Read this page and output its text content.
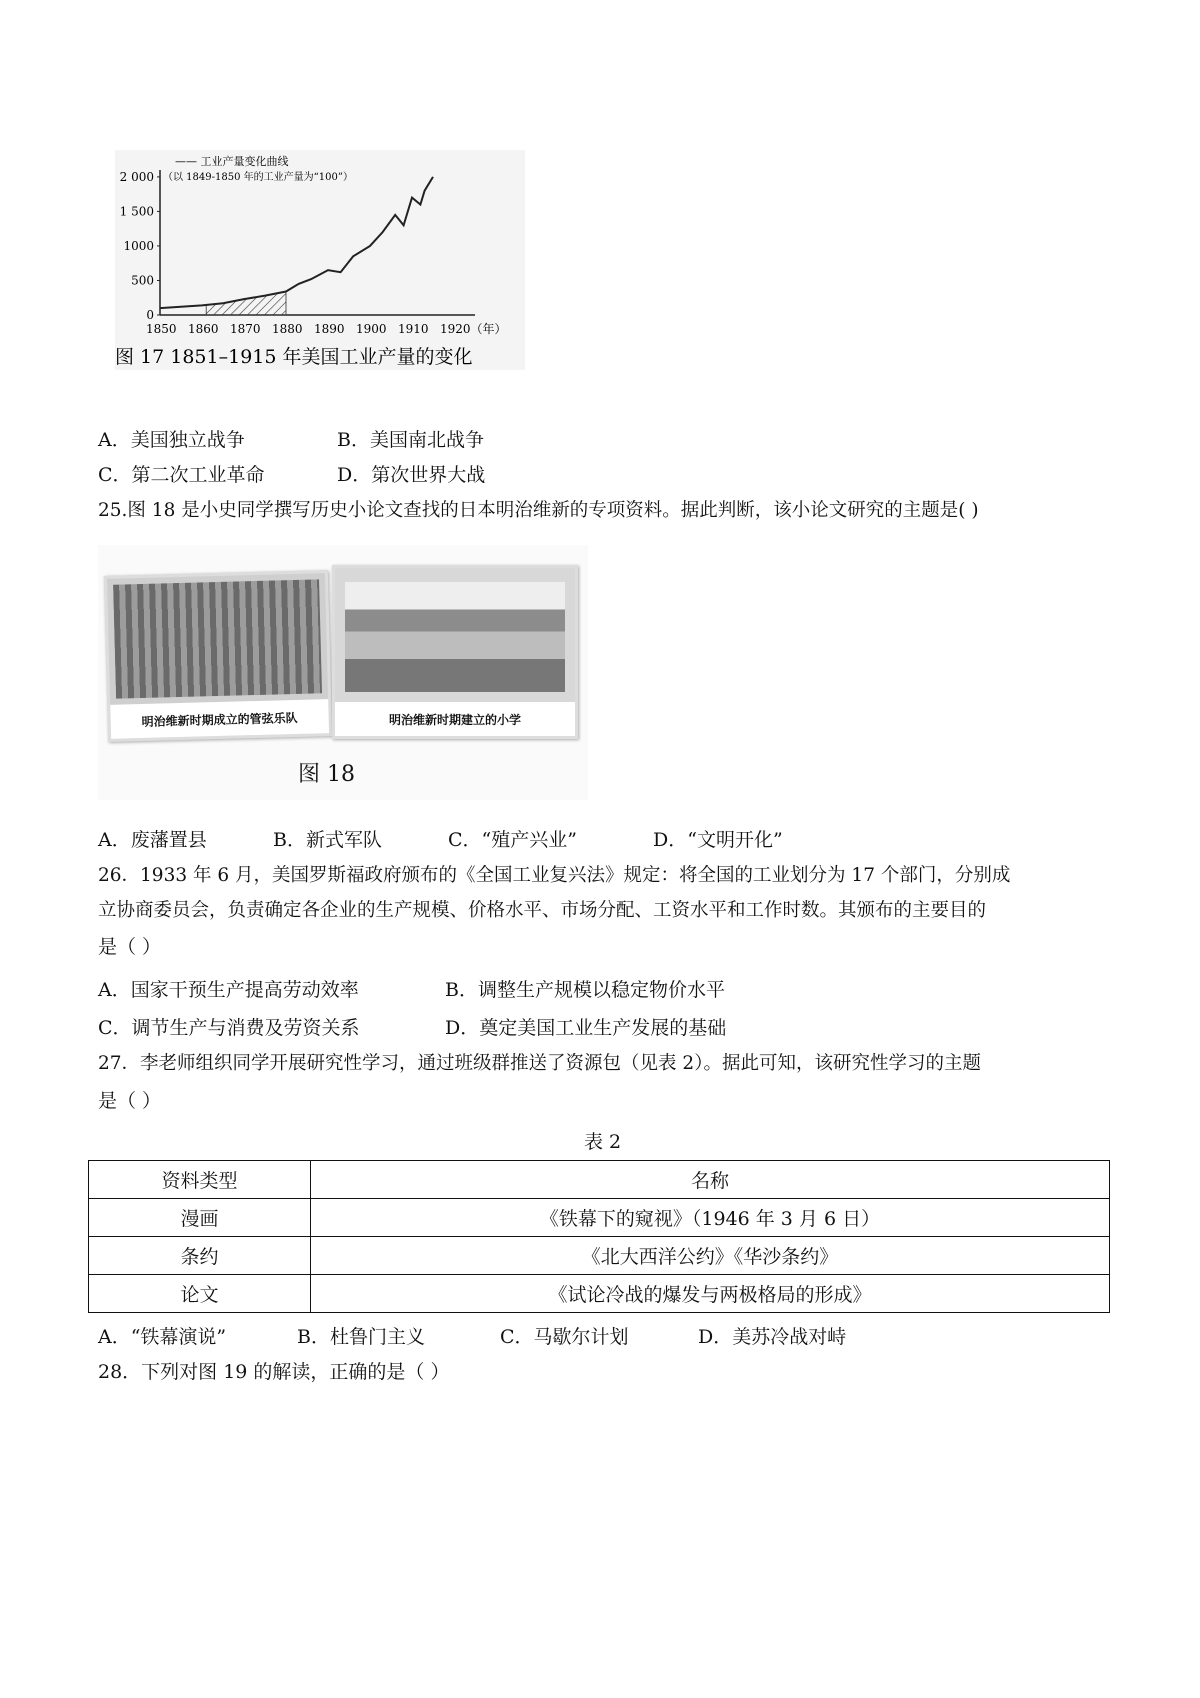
1850 1860 1870 1880 1890 1900 1910 1920（年）
0
500
1000
1 500
2 000
—— 工业产量变化曲线
（以 1849-1850 年的工业产量为“100”）
图 17 1851–1915 年美国工业产量的变化
A．美国独立战争	B．美国南北战争
C．第二次工业革命	D．第次世界大战
25.图 18 是小史同学撰写历史小论文查找的日本明治维新的专项资料。据此判断，该小论文研究的主题是( )
明治维新时期成立的管弦乐队	明治维新时期建立的小学
图 18
A．废藩置县	B．新式军队	C．“殖产兴业”	D．“文明开化”
26．1933 年 6 月，美国罗斯福政府颁布的《全国工业复兴法》规定：将全国的工业划分为 17 个部门，分别成
立协商委员会，负责确定各企业的生产规模、价格水平、市场分配、工资水平和工作时数。其颁布的主要目的
是（ ）
A．国家干预生产提高劳动效率	B．调整生产规模以稳定物价水平
C．调节生产与消费及劳资关系	D．奠定美国工业生产发展的基础
27．李老师组织同学开展研究性学习，通过班级群推送了资源包（见表 2）。据此可知，该研究性学习的主题
是（ ）
表 2
资料类型	名称
漫画	《铁幕下的窥视》（1946 年 3 月 6 日）
条约	《北大西洋公约》《华沙条约》
论文	《试论冷战的爆发与两极格局的形成》
A．“铁幕演说”	B．杜鲁门主义	C．马歇尔计划	D．美苏冷战对峙
28．下列对图 19 的解读，正确的是（ ）
